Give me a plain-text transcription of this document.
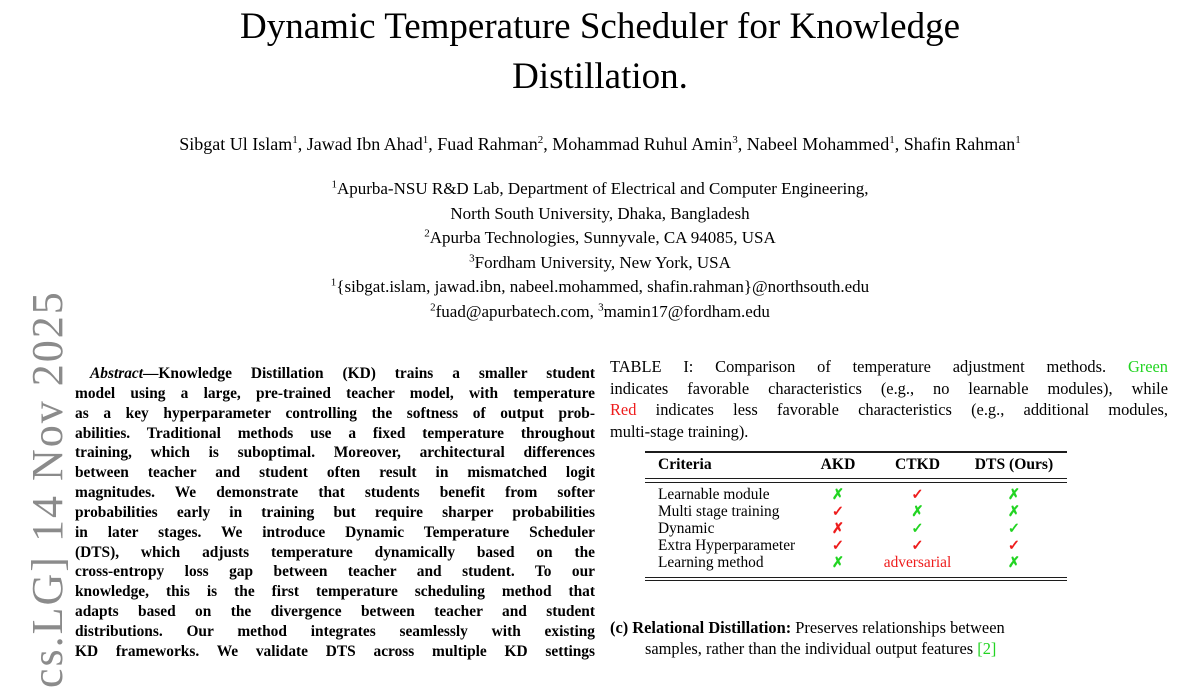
cs.LG] 14 Nov 2025
Dynamic Temperature Scheduler for Knowledge
Distillation.
Sibgat Ul Islam$^1$, Jawad Ibn Ahad$^1$, Fuad Rahman$^2$, Mohammad Ruhul Amin$^3$, Nabeel Mohammed$^1$, Shafin Rahman$^1$
$^1$Apurba-NSU R&D Lab, Department of Electrical and Computer Engineering,
North South University, Dhaka, Bangladesh
$^2$Apurba Technologies, Sunnyvale, CA 94085, USA
$^3$Fordham University, New York, USA
$^1${sibgat.islam, jawad.ibn, nabeel.mohammed, shafin.rahman}@northsouth.edu
$^2$fuad@apurbatech.com, $^3$mamin17@fordham.edu
Abstract—Knowledge Distillation (KD) trains a smaller student
model using a large, pre-trained teacher model, with temperature
as a key hyperparameter controlling the softness of output prob-
abilities. Traditional methods use a fixed temperature throughout
training, which is suboptimal. Moreover, architectural differences
between teacher and student often result in mismatched logit
magnitudes. We demonstrate that students benefit from softer
probabilities early in training but require sharper probabilities
in later stages. We introduce Dynamic Temperature Scheduler
(DTS), which adjusts temperature dynamically based on the
cross-entropy loss gap between teacher and student. To our
knowledge, this is the first temperature scheduling method that
adapts based on the divergence between teacher and student
distributions. Our method integrates seamlessly with existing
KD frameworks. We validate DTS across multiple KD settings
TABLE I: Comparison of temperature adjustment methods. Green
indicates favorable characteristics (e.g., no learnable modules), while
Red indicates less favorable characteristics (e.g., additional modules,
multi-stage training).
Criteria	AKD	CTKD	DTS (Ours)
Learnable module	✗	✓	✗
Multi stage training	✓	✗	✗
Dynamic	✗	✓	✓
Extra Hyperparameter	✓	✓	✓
Learning method	✗	adversarial	✗
(c) Relational Distillation: Preserves relationships between
samples, rather than the individual output features [2]
